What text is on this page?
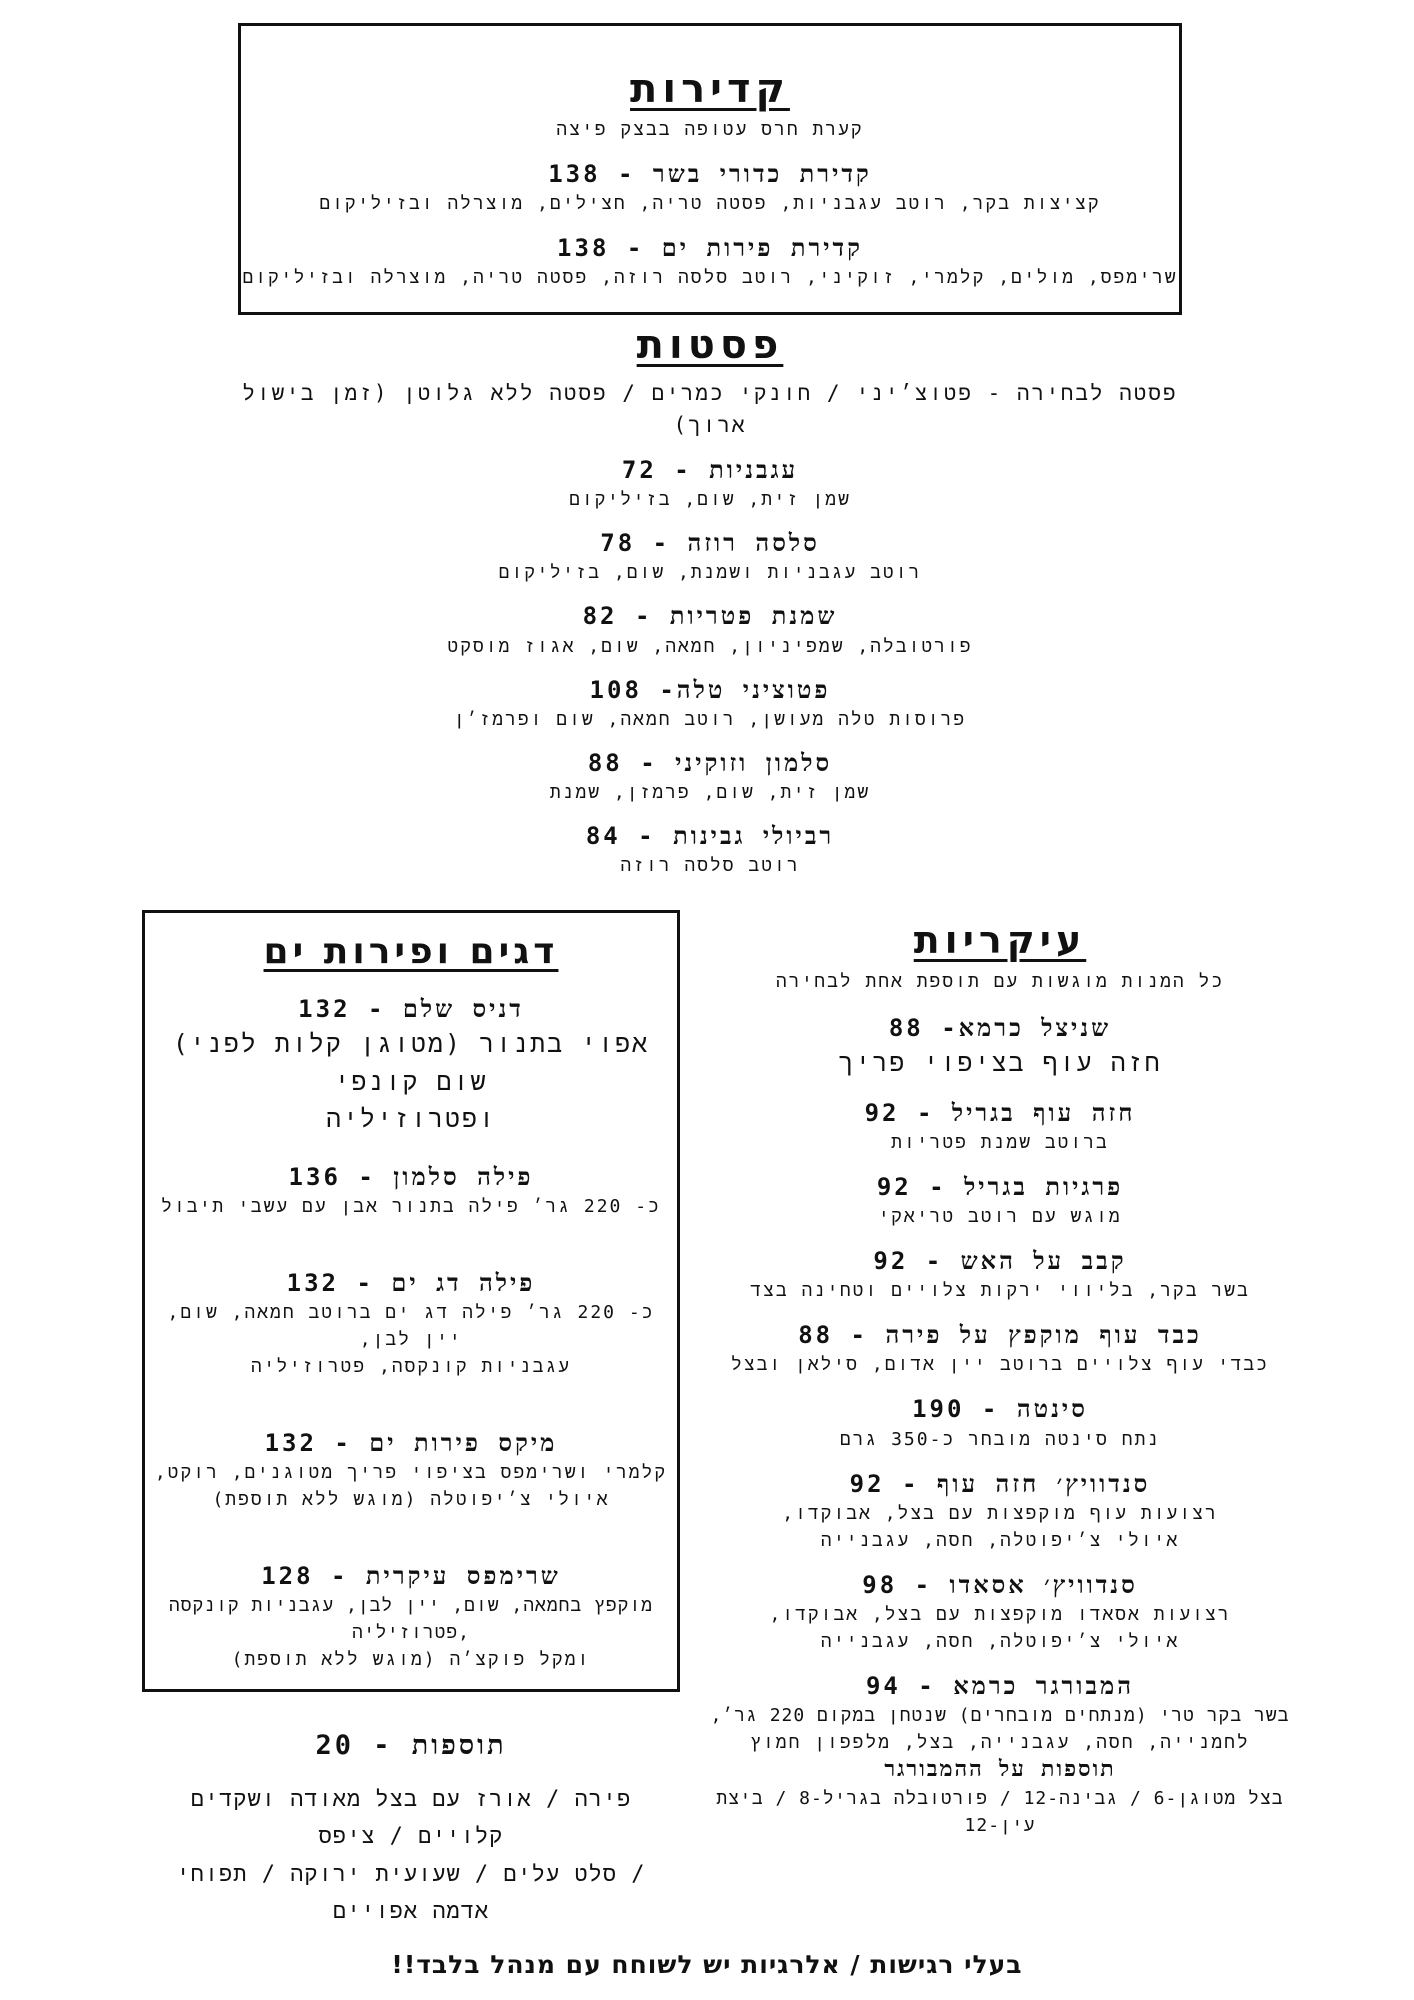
קדירות

קערת חרס עטופה בבצק פיצה

קדירת כדורי בשר - 138

קציצות בקר, רוטב עגבניות, פסטה טריה, חצילים, מוצרלה ובזיליקום

קדירת פירות ים - 138

שרימפס, מולים, קלמרי, זוקיני, רוטב סלסה רוזה, פסטה טריה, מוצרלה ובזיליקום

פסטות

פסטה לבחירה - פטוצ׳יני / חונקי כמרים / פסטה ללא גלוטן (זמן בישול ארוך)

עגבניות - 72

שמן זית, שום, בזיליקום

סלסה רוזה - 78

רוטב עגבניות ושמנת, שום, בזיליקום

שמנת פטריות - 82

פורטובלה, שמפיניון, חמאה, שום, אגוז מוסקט

פטוציני טלה- 108

פרוסות טלה מעושן, רוטב חמאה, שום ופרמז׳ן

סלמון וזוקיני - 88

שמן זית, שום, פרמזן, שמנת

רביולי גבינות - 84

רוטב סלסה רוזה

דגים ופירות ים

דניס שלם - 132

אפוי בתנור (מטוגן קלות לפני) שום קונפי

ופטרוזיליה

פילה סלמון - 136

כ- 220 גר׳ פילה בתנור אבן עם עשבי תיבול

פילה דג ים - 132

כ- 220 גר׳ פילה דג ים ברוטב חמאה, שום, יין לבן,

עגבניות קונקסה, פטרוזיליה

מיקס פירות ים - 132

קלמרי ושרימפס בציפוי פריך מטוגנים, רוקט,

איולי צ׳יפוטלה (מוגש ללא תוספת)

שרימפס עיקרית - 128

מוקפץ בחמאה, שום, יין לבן, עגבניות קונקסה ,פטרוזיליה

ומקל פוקצ׳ה (מוגש ללא תוספת)

עיקריות

כל המנות מוגשות עם תוספת אחת לבחירה

שניצל כרמא- 88

חזה עוף בציפוי פריך

חזה עוף בגריל - 92

ברוטב שמנת פטריות

פרגיות בגריל - 92

מוגש עם רוטב טריאקי

קבב על האש - 92

בשר בקר, בליווי ירקות צלויים וטחינה בצד

כבד עוף מוקפץ על פירה - 88

כבדי עוף צלויים ברוטב יין אדום, סילאן ובצל

סינטה - 190

נתח סינטה מובחר כ-350 גרם

סנדוויץ׳ חזה עוף - 92

רצועות עוף מוקפצות עם בצל, אבוקדו,

איולי צ׳יפוטלה, חסה, עגבנייה

סנדוויץ׳ אסאדו - 98

רצועות אסאדו מוקפצות עם בצל, אבוקדו,

איולי צ׳יפוטלה, חסה, עגבנייה

המבורגר כרמא - 94

בשר בקר טרי (מנתחים מובחרים) שנטחן במקום 220 גר׳,

לחמנייה, חסה, עגבנייה, בצל, מלפפון חמוץ

תוספות על ההמבורגר

בצל מטוגן-6 / גבינה-12 / פורטובלה בגריל-8 / ביצת עין-12

תוספות - 20

פירה / אורז עם בצל מאודה ושקדים קלויים / ציפס

/ סלט עלים / שעועית ירוקה / תפוחי אדמה אפויים

בעלי רגישות / אלרגיות יש לשוחח עם מנהל בלבד!!
